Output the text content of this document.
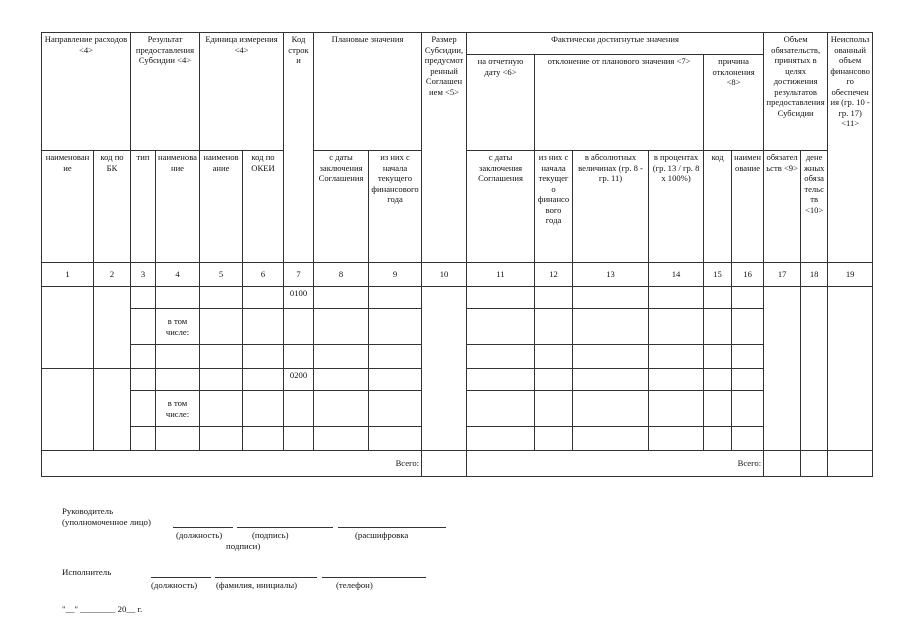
Направление расходов <4>		Результат предоставления Субсидии <4>		Единица измерения <4>		Код строки	Плановые значения		Размер Субсидии, предусмотренный Соглашением <5>	Фактически достигнутые значения						Объем обязательств, принятых в целях достижения результатов предоставления Субсидии		Неиспользованный объем финансового обеспечения (гр. 10 - гр. 17) <11>	
										на отчетную дату <6>	отклонение от планового значения <7>			причина отклонения <8>					
наименование	код по БК	тип	наименование	наименование	код по ОКЕИ		с даты заключения Соглашения	из них с начала текущего финансового года		с даты заключения Соглашения	из них с начала текущего финансового года	в абсолютных величинах (гр. 8 - гр. 11)	в процентах (гр. 13 / гр. 8 x 100%)	код	наименование	обязательств <9>	денежных обязательств <10>		
1	2	3	4	5	6	7	8	9	10	11	12	13	14	15	16	17	18	19	
						0100													
			в том числе:																

						0200													
			в том числе:																

Всего:										Всего:									
Руководитель
(уполномоченное лицо)
(должность)	(подпись)	(расшифровка
подписи)
Исполнитель
(должность) (фамилия, инициалы)	(телефон)
"__" ________ 20__ г.
